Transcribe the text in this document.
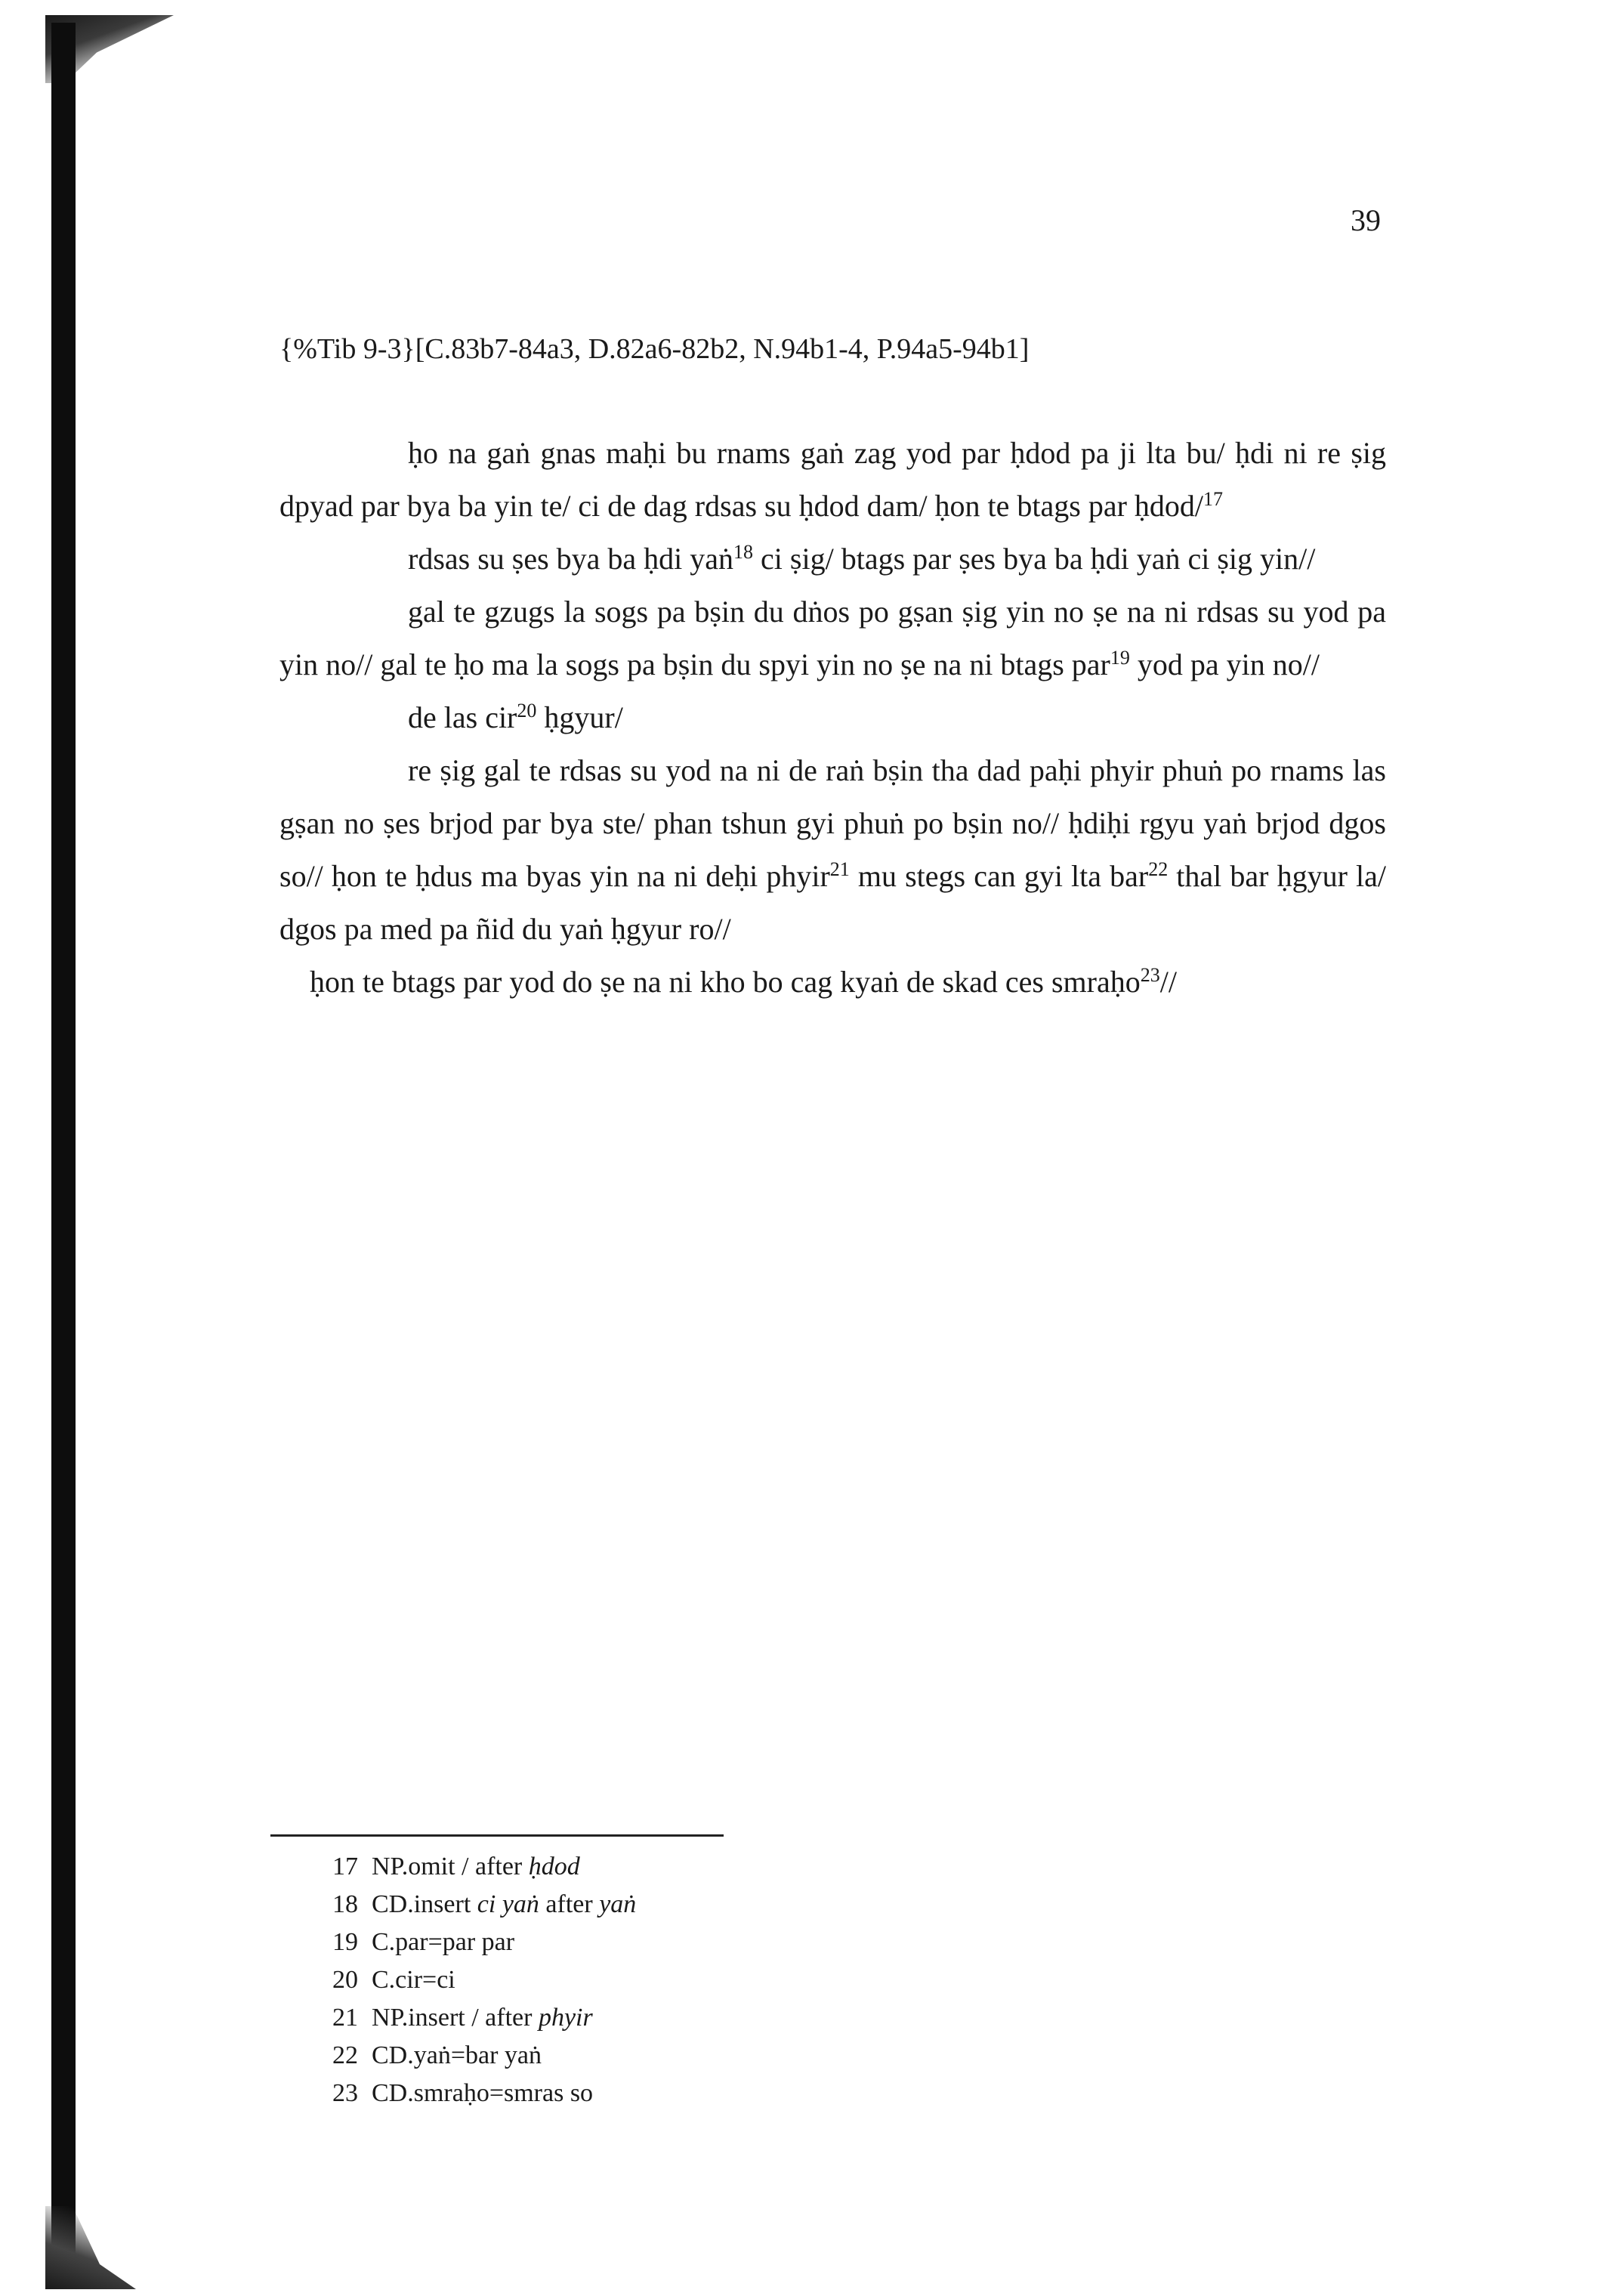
39
{%Tib 9-3}[C.83b7-84a3, D.82a6-82b2, N.94b1-4, P.94a5-94b1]

ḥo na gaṅ gnas maḥi bu rnams gaṅ zag yod par ḥdod pa ji lta bu/ ḥdi ni re ṣig dpyad par bya ba yin te/ ci de dag rdsas su ḥdod dam/ ḥon te btags par ḥdod/$^{17}$

rdsas su ṣes bya ba ḥdi yaṅ$^{18}$ ci ṣig/ btags par ṣes bya ba ḥdi yaṅ ci ṣig yin//

gal te gzugs la sogs pa bṣin du dṅos po gṣan ṣig yin no ṣe na ni rdsas su yod pa yin no// gal te ḥo ma la sogs pa bṣin du spyi yin no ṣe na ni btags par$^{19}$ yod pa yin no//

de las cir$^{20}$ ḥgyur/

re ṣig gal te rdsas su yod na ni de raṅ bṣin tha dad paḥi phyir phuṅ po rnams las gṣan no ṣes brjod par bya ste/ phan tshun gyi phuṅ po bṣin no// ḥdiḥi rgyu yaṅ brjod dgos so// ḥon te ḥdus ma byas yin na ni deḥi phyir$^{21}$ mu stegs can gyi lta bar$^{22}$ thal bar ḥgyur la/ dgos pa med pa ñid du yaṅ ḥgyur ro//

ḥon te btags par yod do ṣe na ni kho bo cag kyaṅ de skad ces smraḥo$^{23}$//

17 NP.omit / after ḥdod
18 CD.insert ci yaṅ after yaṅ
19 C.par=par par
20 C.cir=ci
21 NP.insert / after phyir
22 CD.yaṅ=bar yaṅ
23 CD.smraḥo=smras so
